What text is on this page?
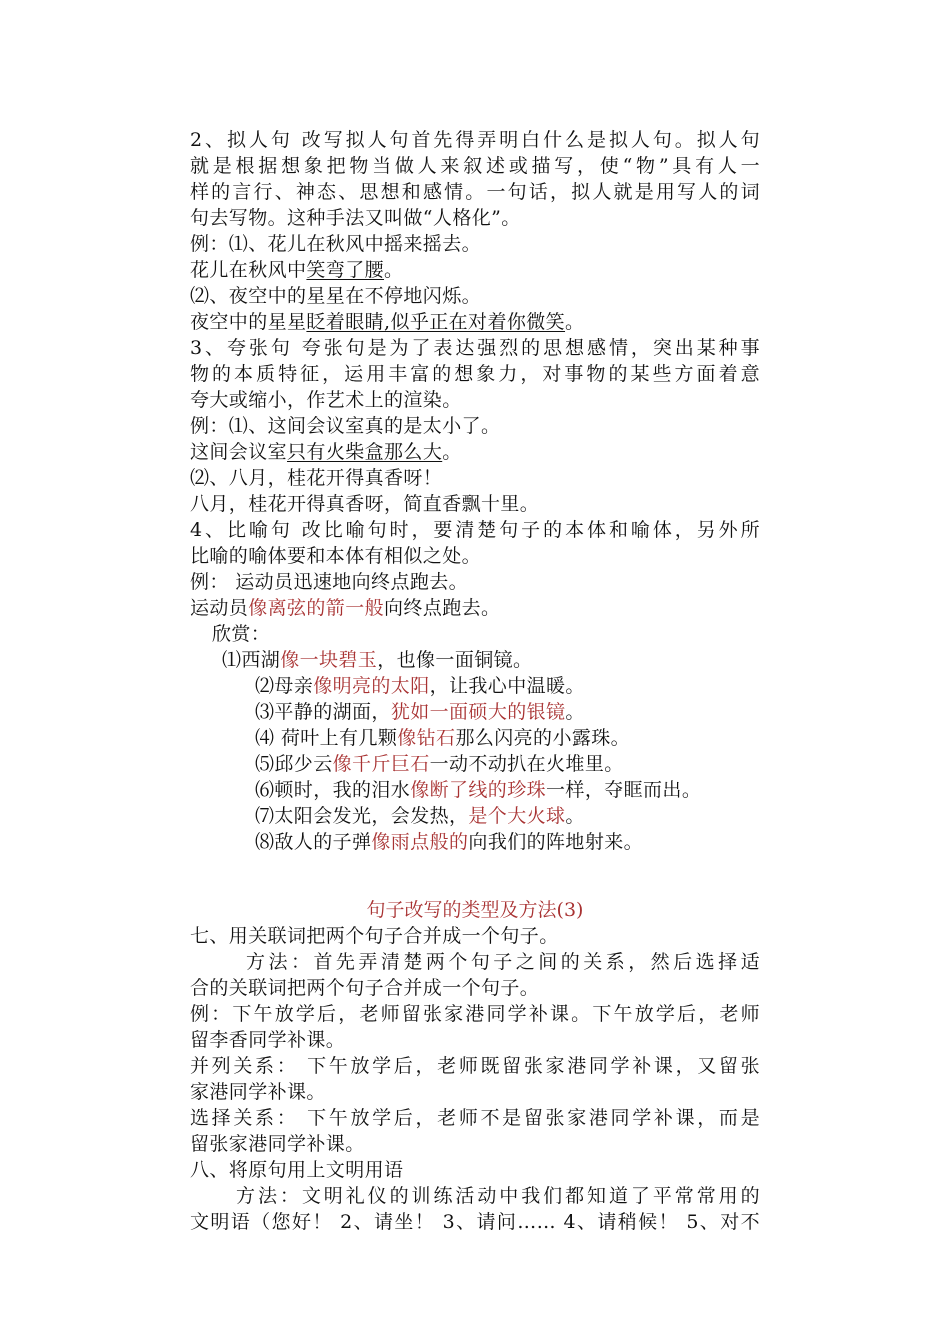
2、拟人句 改写拟人句首先得弄明白什么是拟人句。拟人句
就是根据想象把物当做人来叙述或描写，使“物”具有人一
样的言行、神态、思想和感情。一句话，拟人就是用写人的词
句去写物。这种手法又叫做“人格化”。
例：⑴、花儿在秋风中摇来摇去。
花儿在秋风中笑弯了腰。
⑵、夜空中的星星在不停地闪烁。
夜空中的星星眨着眼睛,似乎正在对着你微笑。
3、夸张句 夸张句是为了表达强烈的思想感情，突出某种事
物的本质特征，运用丰富的想象力，对事物的某些方面着意
夸大或缩小，作艺术上的渲染。
例：⑴、这间会议室真的是太小了。
这间会议室只有火柴盒那么大。
⑵、八月，桂花开得真香呀！
八月，桂花开得真香呀，简直香飘十里。
4、比喻句 改比喻句时，要清楚句子的本体和喻体，另外所
比喻的喻体要和本体有相似之处。
例： 运动员迅速地向终点跑去。
运动员像离弦的箭一般向终点跑去。
欣赏：
⑴西湖像一块碧玉，也像一面铜镜。
⑵母亲像明亮的太阳，让我心中温暖。
⑶平静的湖面，犹如一面硕大的银镜。
⑷ 荷叶上有几颗像钻石那么闪亮的小露珠。
⑸邱少云像千斤巨石一动不动扒在火堆里。
⑹顿时，我的泪水像断了线的珍珠一样，夺眶而出。
⑺太阳会发光，会发热，是个大火球。
⑻敌人的子弹像雨点般的向我们的阵地射来。
句子改写的类型及方法(3)
七、用关联词把两个句子合并成一个句子。
方法：首先弄清楚两个句子之间的关系，然后选择适
合的关联词把两个句子合并成一个句子。
例：下午放学后，老师留张家港同学补课。下午放学后，老师
留李香同学补课。
并列关系： 下午放学后，老师既留张家港同学补课，又留张
家港同学补课。
选择关系： 下午放学后，老师不是留张家港同学补课，而是
留张家港同学补课。
八、将原句用上文明用语
方法：文明礼仪的训练活动中我们都知道了平常常用的
文明语（您好！ 2、请坐！ 3、请问…… 4、请稍候！ 5、对不
